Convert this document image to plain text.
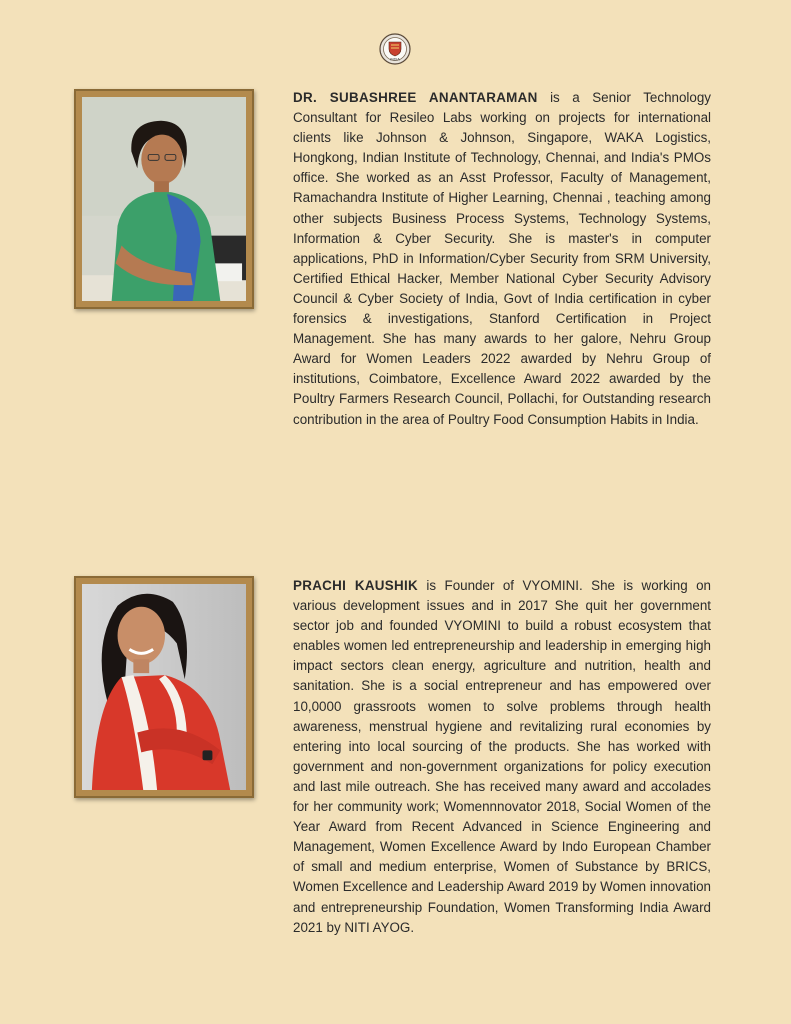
INDIA

DR. SUBASHREE ANANTARAMAN is a Senior Technology Consultant for Resileo Labs working on projects for international clients like Johnson & Johnson, Singapore, WAKA Logistics, Hongkong, Indian Institute of Technology, Chennai, and India's PMOs office. She worked as an Asst Professor, Faculty of Management, Ramachandra Institute of Higher Learning, Chennai , teaching among other subjects Business Process Systems, Technology Systems, Information & Cyber Security. She is master's in computer applications, PhD in Information/Cyber Security from SRM University, Certified Ethical Hacker, Member National Cyber Security Advisory Council & Cyber Society of India, Govt of India certification in cyber forensics & investigations, Stanford Certification in Project Management. She has many awards to her galore, Nehru Group Award for Women Leaders 2022 awarded by Nehru Group of institutions, Coimbatore, Excellence Award 2022 awarded by the Poultry Farmers Research Council, Pollachi, for Outstanding research contribution in the area of Poultry Food Consumption Habits in India.

PRACHI KAUSHIK is Founder of VYOMINI. She is working on various development issues and in 2017 She quit her government sector job and founded VYOMINI to build a robust ecosystem that enables women led entrepreneurship and leadership in emerging high impact sectors clean energy, agriculture and nutrition, health and sanitation. She is a social entrepreneur and has empowered over 10,0000 grassroots women to solve problems through health awareness, menstrual hygiene and revitalizing rural economies by entering into local sourcing of the products. She has worked with government and non-government organizations for policy execution and last mile outreach. She has received many award and accolades for her community work; Womennnovator 2018, Social Women of the Year Award from Recent Advanced in Science Engineering and Management, Women Excellence Award by Indo European Chamber of small and medium enterprise, Women of Substance by BRICS, Women Excellence and Leadership Award 2019 by Women innovation and entrepreneurship Foundation, Women Transforming India Award 2021 by NITI AYOG.
